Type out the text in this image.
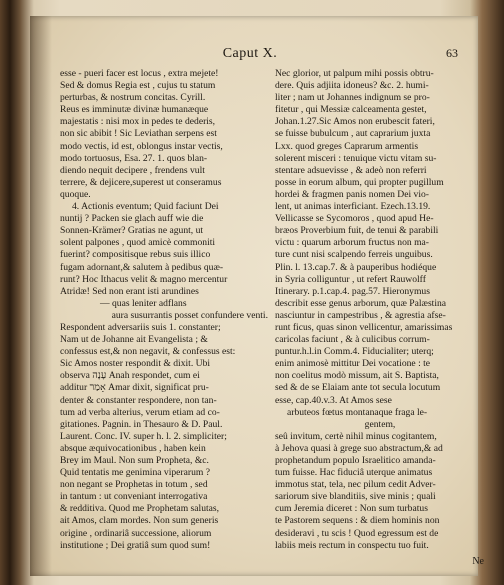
Caput X.	63
esse - pueri facer est locus , extra mejete!
Sed & domus Regia est , cujus tu statum
perturbas, & nostrum concitas. Cyrill.
Reus es imminutæ divinæ humanæque
majestatis : nisi mox in pedes te dederis,
non sic abibit ! Sic Leviathan serpens est
modo vectis, id est, oblongus instar vectis,
modo tortuosus, Esa. 27. 1. quos blan-
diendo nequit decipere , frendens vult
terrere, & dejicere,superest ut conseramus
quoque.
4. Actionis eventum; Quid faciunt Dei
nuntij ? Packen sie glach auff wie die
Sonnen-Krämer? Gratias ne agunt, ut
solent palpones , quod amicè commoniti
fuerint? compositisque rebus suis illico
fugam adornant,& salutem à pedibus quæ-
runt? Hoc Ithacus velit & magno mercentur
Atridæ! Sed non erant isti arundines
— quas leniter adflans
aura susurrantis posset confundere venti.
Respondent adversariis suis 1. constanter;
Nam ut de Johanne ait Evangelista ; &
confessus est,& non negavit, & confessus est:
Sic Amos noster respondit & dixit. Ubi
observa עָנָה Anah respondet, cum ei
additur אָמַר Amar dixit, significat pru-
denter & constanter respondere, non tan-
tum ad verba alterius, verum etiam ad co-
gitationes. Pagnin. in Thesauro & D. Paul.
Laurent. Conc. IV. super h. l. 2. simpliciter;
absque æquivocationibus , haben kein
Brey im Maul. Non sum Propheta, &c.
Quid tentatis me genimina viperarum ?
non negant se Prophetas in totum , sed
in tantum : ut conveniant interrogativa
& redditiva. Quod me Prophetam salutas,
ait Amos, clam mordes. Non sum generis
origine , ordinariâ successione, aliorum
institutione ; Dei gratiâ sum quod sum!
Nec glorior, ut palpum mihi possis obtru-
dere. Quis adjiita idoneus? &c. 2. humi-
liter ; nam ut Johannes indignum se pro-
fitetur , qui Messiæ calceamenta gestet,
Johan.1.27.Sic Amos non erubescit fateri,
se fuisse bubulcum , aut caprarium juxta
Lxx. quod greges Caprarum armentis
solerent misceri : tenuique victu vitam su-
stentare adsuevisse , & adeò non referri
posse in eorum album, qui propter pugillum
hordei & fragmen panis nomen Dei vio-
lent, ut animas interficiant. Ezech.13.19.
Vellicasse se Sycomoros , quod apud He-
bræos Proverbium fuit, de tenui & parabili
victu : quarum arborum fructus non ma-
ture cunt nisi scalpendo ferreis unguibus.
Plin. l. 13.cap.7. & à pauperibus hodiéque
in Syria colliguntur , ut refert Rauwolff
Itinerary. p.1.cap.4. pag.57. Hieronymus
describit esse genus arborum, quæ Palæstina
nasciuntur in campestribus , & agrestia afse-
runt ficus, quas sinon vellicentur, amarissimas
caricolas faciunt , & à culicibus corrum-
puntur.h.l.in Comm.4. Fiducialiter; uterq;
enim animosè mittitur Dei vocatione : te
non coelitus modò missum, ait S. Baptista,
sed & de se Elaiam ante tot secula locutum
esse, cap.40.v.3. At Amos sese
arbuteos fœtus montanaque fraga le-
gentem,
seû invitum, certè nihil minus cogitantem,
à Jehova quasi à grege suo abstractum,& ad
prophetandum populo Israelitico amanda-
tum fuisse. Hac fiduciâ uterque animatus
immotus stat, tela, nec pilum cedit Adver-
sariorum sive blanditiis, sive minis ; quali
cum Jeremia diceret : Non sum turbatus
te Pastorem sequens : & diem hominis non
desideravi , tu scis ! Quod egressum est de
labiis meis rectum in conspectu tuo fuit.
Ne
